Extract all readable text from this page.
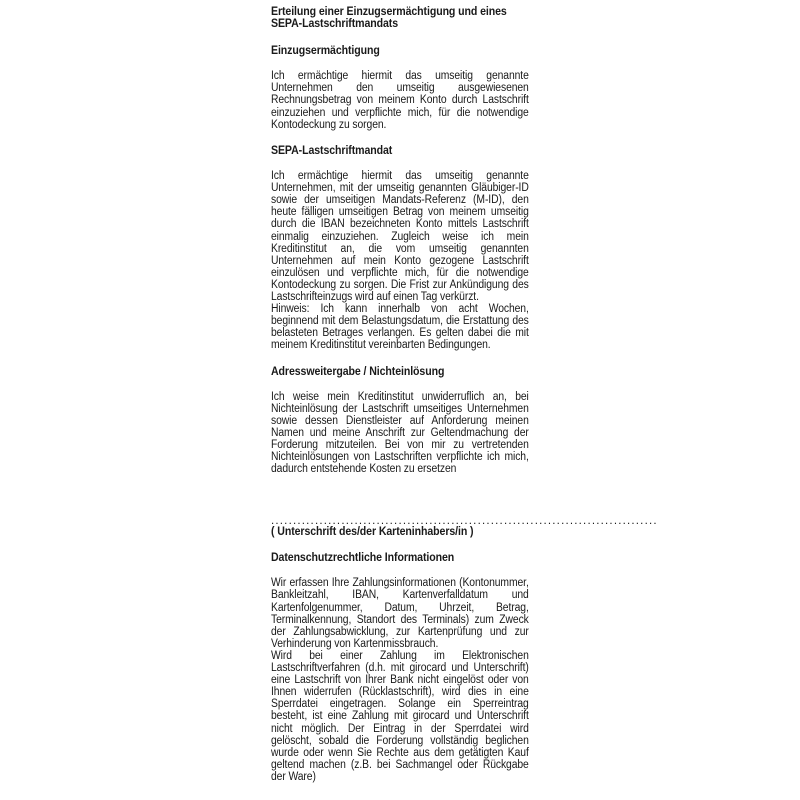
Erteilung einer Einzugsermächtigung und eines

SEPA-Lastschriftmandats

Einzugsermächtigung

Ich ermächtige hiermit das umseitig genannte Unternehmen den umseitig ausgewiesenen Rechnungsbetrag von meinem Konto durch Lastschrift einzuziehen und verpflichte mich, für die notwendige Kontodeckung zu sorgen.

SEPA-Lastschriftmandat

Ich ermächtige hiermit das umseitig genannte Unternehmen, mit der umseitig genannten Gläubiger-ID sowie der umseitigen Mandats-Referenz (M-ID), den heute fälligen umseitigen Betrag von meinem umseitig durch die IBAN bezeichneten Konto mittels Lastschrift einmalig einzuziehen. Zugleich weise ich mein Kreditinstitut an, die vom umseitig genannten Unternehmen auf mein Konto gezogene Lastschrift einzulösen und verpflichte mich, für die notwendige Kontodeckung zu sorgen. Die Frist zur Ankündigung des Lastschrifteinzugs wird auf einen Tag verkürzt.

Hinweis: Ich kann innerhalb von acht Wochen, beginnend mit dem Belastungsdatum, die Erstattung des belasteten Betrages verlangen. Es gelten dabei die mit meinem Kreditinstitut vereinbarten Bedingungen.

Adressweitergabe / Nichteinlösung

Ich weise mein Kreditinstitut unwiderruflich an, bei Nichteinlösung der Lastschrift umseitiges Unternehmen sowie dessen Dienstleister auf Anforderung meinen Namen und meine Anschrift zur Geltendmachung der Forderung mitzuteilen. Bei von mir zu vertretenden Nichteinlösungen von Lastschriften verpflichte ich mich, dadurch entstehende Kosten zu ersetzen

........................................................................................

( Unterschrift des/der Karteninhabers/in )

Datenschutzrechtliche Informationen

Wir erfassen Ihre Zahlungsinformationen (Kontonummer, Bankleitzahl, IBAN, Kartenverfalldatum und Kartenfolgenummer, Datum, Uhrzeit, Betrag, Terminalkennung, Standort des Terminals) zum Zweck der Zahlungsabwicklung, zur Kartenprüfung und zur Verhinderung von Kartenmissbrauch.

Wird bei einer Zahlung im Elektronischen Lastschriftverfahren (d.h. mit girocard und Unterschrift) eine Lastschrift von Ihrer Bank nicht eingelöst oder von Ihnen widerrufen (Rücklastschrift), wird dies in eine Sperrdatei eingetragen. Solange ein Sperreintrag besteht, ist eine Zahlung mit girocard und Unterschrift nicht möglich. Der Eintrag in der Sperrdatei wird gelöscht, sobald die Forderung vollständig beglichen wurde oder wenn Sie Rechte aus dem getätigten Kauf geltend machen (z.B. bei Sachmangel oder Rückgabe der Ware)
